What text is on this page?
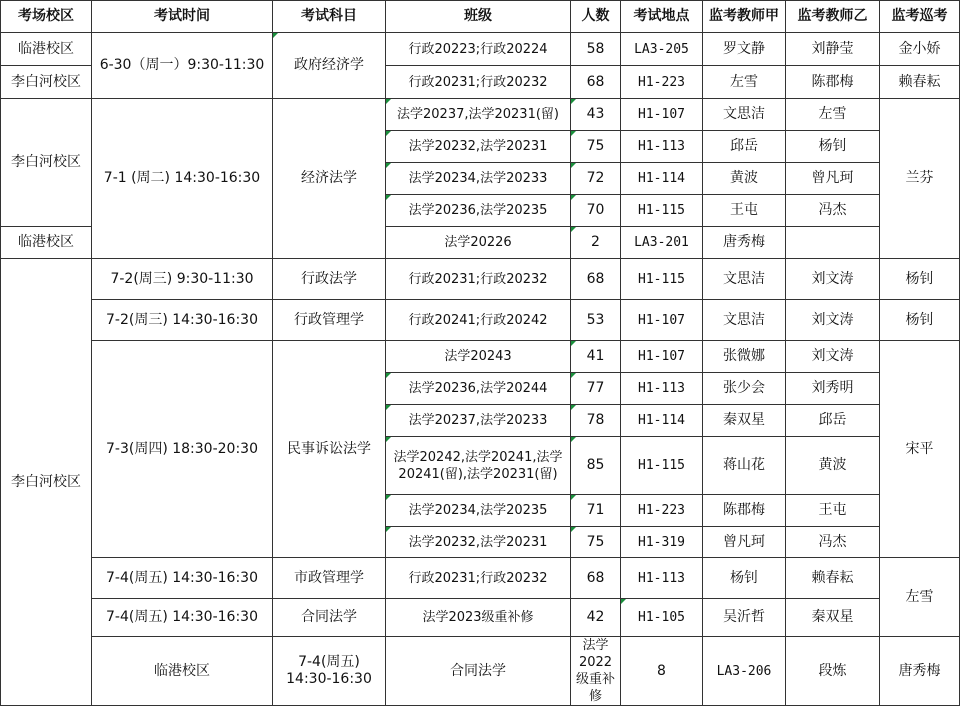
考场校区	考试时间	考试科目	班级	人数	考试地点	监考教师甲	监考教师乙	监考巡考	
临港校区	6-30（周一）9:30-11:30	政府经济学	行政20223;行政20224	58	LA3-205	罗文静	刘静莹	金小娇	
李白河校区			行政20231;行政20232	68	H1-223	左雪	陈郡梅	赖春耘	
李白河校区	7-1 (周二) 14:30-16:30	经济法学	法学20237,法学20231(留)	43	H1-107	文思洁	左雪	兰芬	
			法学20232,法学20231	75	H1-113	邱岳	杨钊		
			法学20234,法学20233	72	H1-114	黄波	曾凡珂		
			法学20236,法学20235	70	H1-115	王屯	冯杰		
临港校区			法学20226	2	LA3-201	唐秀梅			
李白河校区	7-2(周三) 9:30-11:30	行政法学	行政20231;行政20232	68	H1-115	文思洁	刘文涛	杨钊	
	7-2(周三) 14:30-16:30	行政管理学	行政20241;行政20242	53	H1-107	文思洁	刘文涛	杨钊	
	7-3(周四) 18:30-20:30	民事诉讼法学	法学20243	41	H1-107	张微娜	刘文涛	宋平	
			法学20236,法学20244	77	H1-113	张少会	刘秀明		
			法学20237,法学20233	78	H1-114	秦双星	邱岳		
			法学20242,法学20241,法学20241(留),法学20231(留)	85	H1-115	蒋山花	黄波		
			法学20234,法学20235	71	H1-223	陈郡梅	王屯		
			法学20232,法学20231	75	H1-319	曾凡珂	冯杰		
	7-4(周五) 14:30-16:30	市政管理学	行政20231;行政20232	68	H1-113	杨钊	赖春耘	左雪	
	7-4(周五) 14:30-16:30	合同法学	法学2023级重补修	42	H1-105	吴沂哲	秦双星		
	临港校区	7-4(周五) 14:30-16:30	合同法学	法学2022级重补修	8	LA3-206	段炼	唐秀梅	
